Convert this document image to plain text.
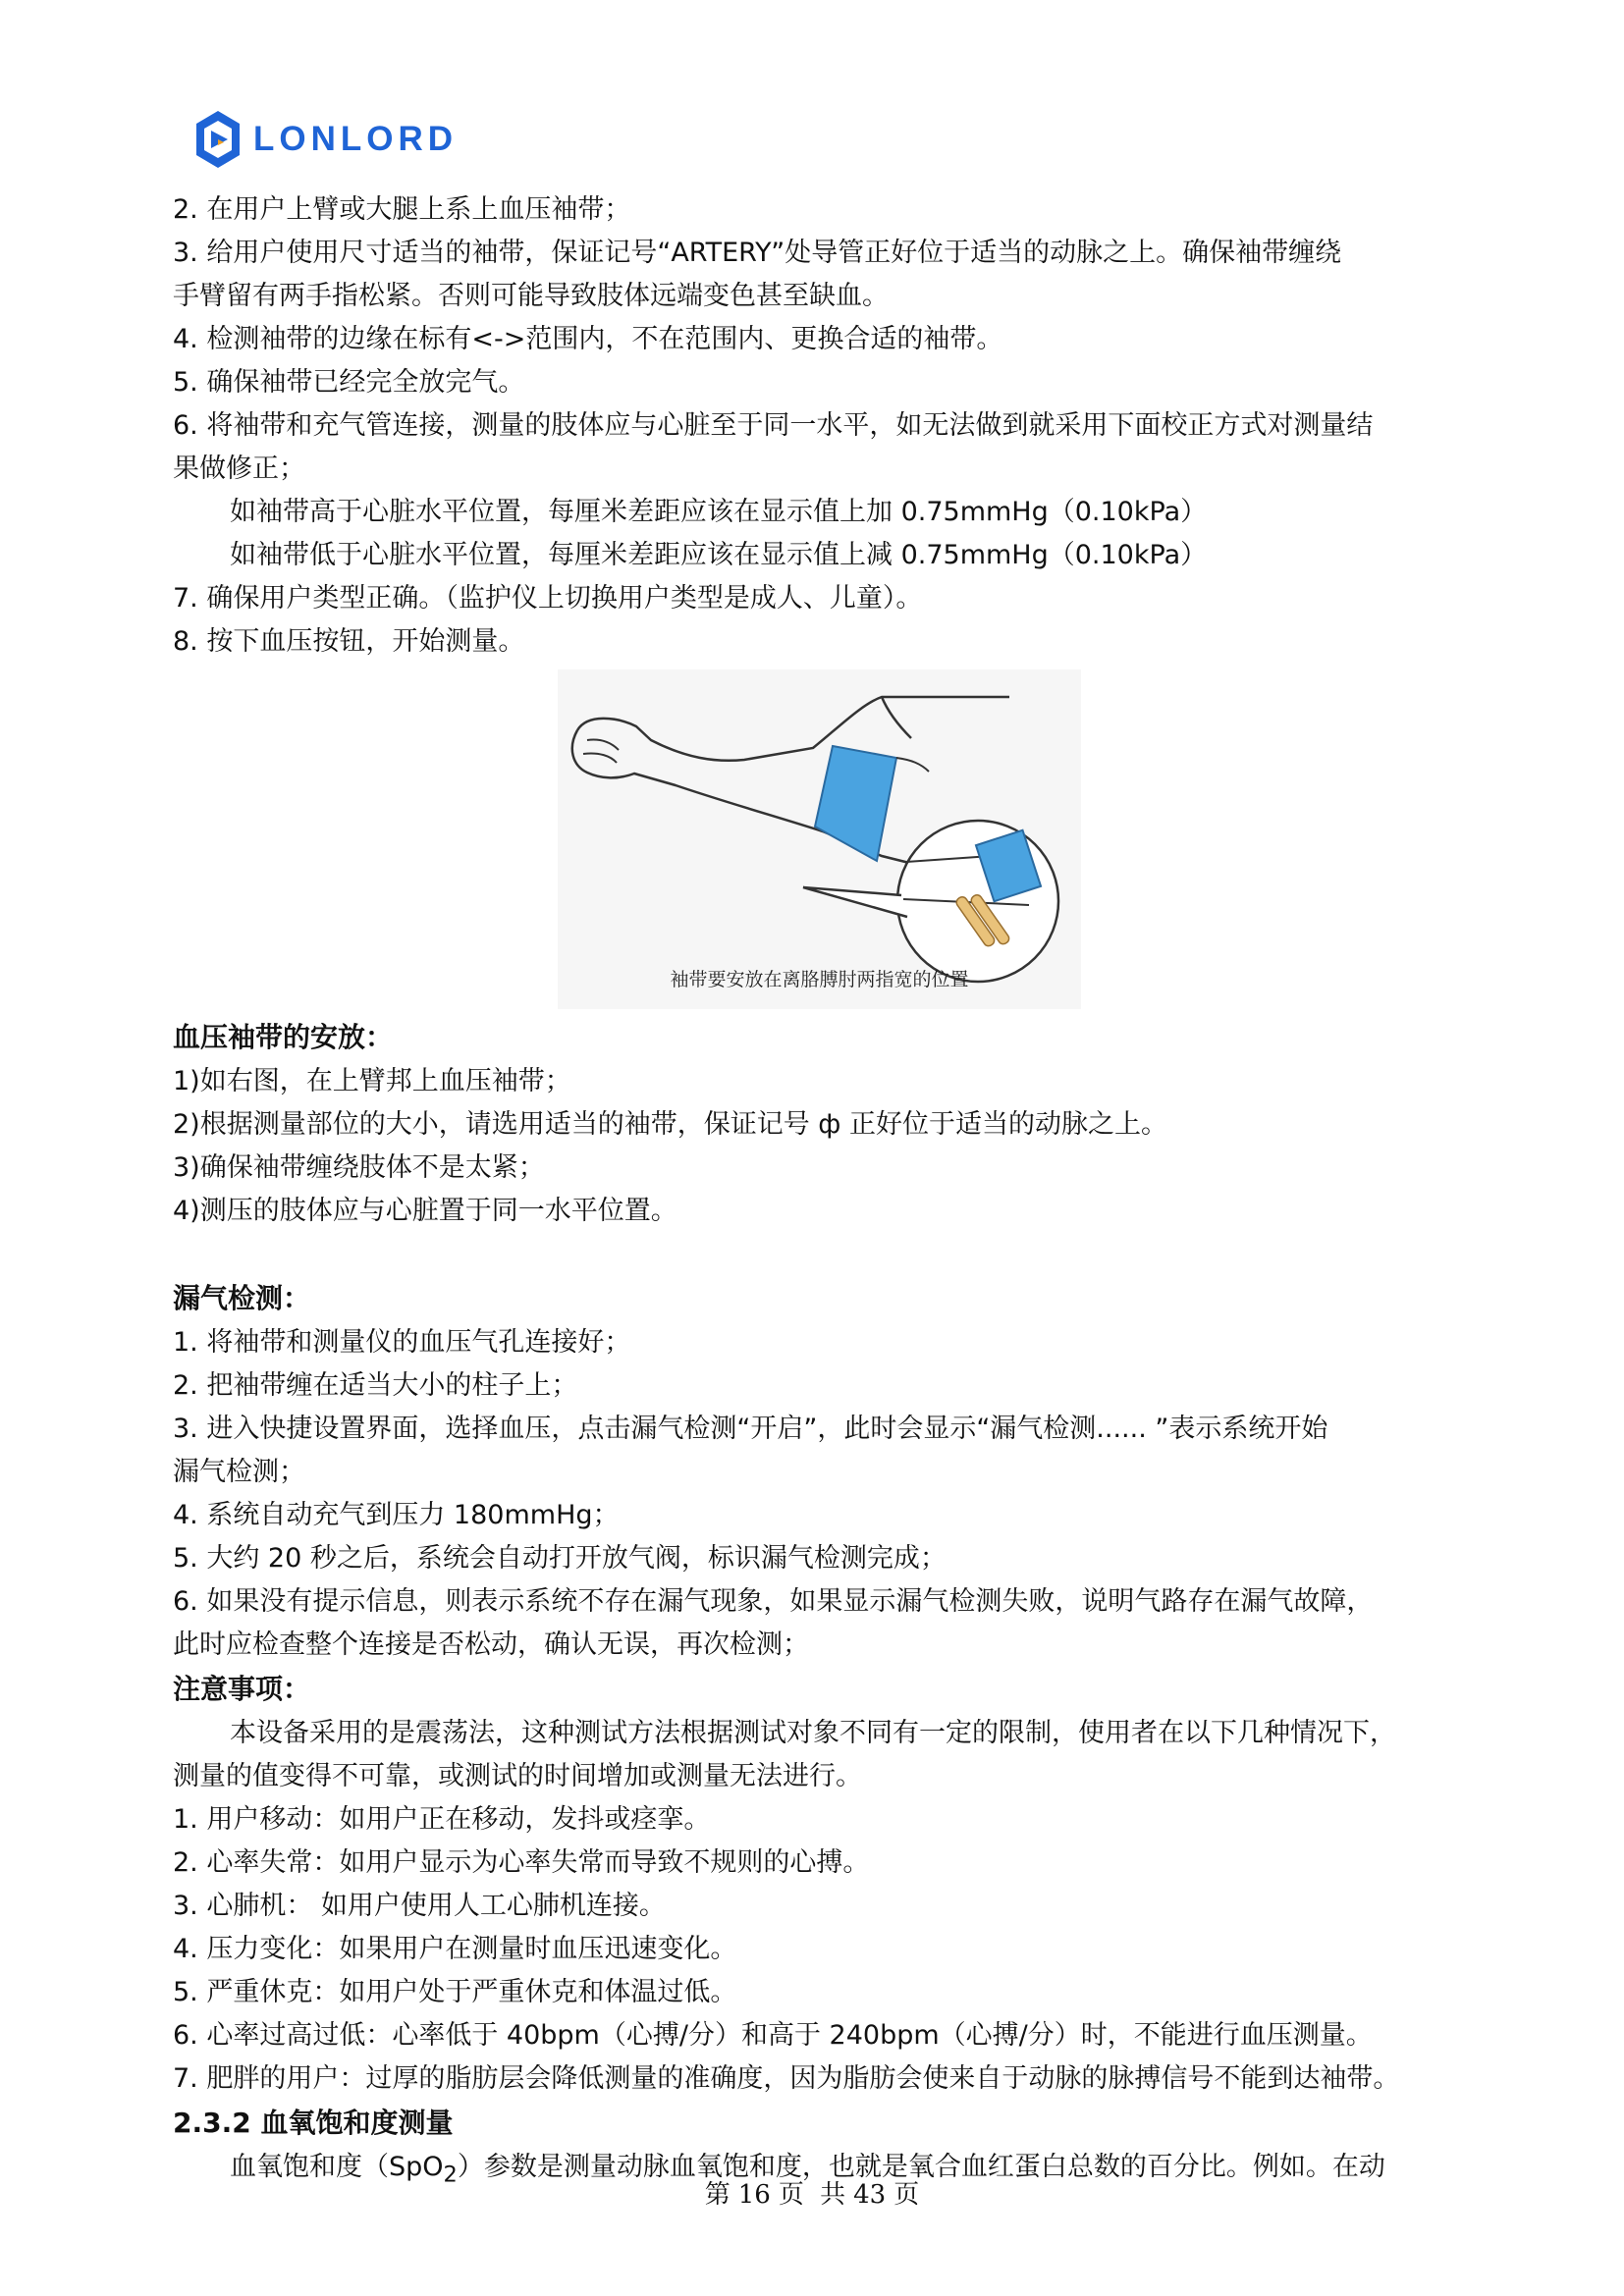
LONLORD
2. 在用户上臂或大腿上系上血压袖带；
3. 给用户使用尺寸适当的袖带，保证记号“ARTERY”处导管正好位于适当的动脉之上。确保袖带缠绕
手臂留有两手指松紧。否则可能导致肢体远端变色甚至缺血。
4. 检测袖带的边缘在标有<->范围内，不在范围内、更换合适的袖带。
5. 确保袖带已经完全放完气。
6. 将袖带和充气管连接，测量的肢体应与心脏至于同一水平，如无法做到就采用下面校正方式对测量结
果做修正；
如袖带高于心脏水平位置，每厘米差距应该在显示值上加 0.75mmHg（0.10kPa）
如袖带低于心脏水平位置，每厘米差距应该在显示值上减 0.75mmHg（0.10kPa）
7. 确保用户类型正确。（监护仪上切换用户类型是成人、儿童）。
8. 按下血压按钮，开始测量。
袖带要安放在离胳膊肘两指宽的位置
血压袖带的安放：
1)如右图，在上臂邦上血压袖带；
2)根据测量部位的大小，请选用适当的袖带，保证记号 ф 正好位于适当的动脉之上。
3)确保袖带缠绕肢体不是太紧；
4)测压的肢体应与心脏置于同一水平位置。
漏气检测：
1. 将袖带和测量仪的血压气孔连接好；
2. 把袖带缠在适当大小的柱子上；
3. 进入快捷设置界面，选择血压，点击漏气检测“开启”，此时会显示“漏气检测...... ”表示系统开始
漏气检测；
4. 系统自动充气到压力 180mmHg；
5. 大约 20 秒之后，系统会自动打开放气阀，标识漏气检测完成；
6. 如果没有提示信息，则表示系统不存在漏气现象，如果显示漏气检测失败，说明气路存在漏气故障，
此时应检查整个连接是否松动，确认无误，再次检测；
注意事项：
本设备采用的是震荡法，这种测试方法根据测试对象不同有一定的限制，使用者在以下几种情况下，
测量的值变得不可靠，或测试的时间增加或测量无法进行。
1. 用户移动：如用户正在移动，发抖或痉挛。
2. 心率失常：如用户显示为心率失常而导致不规则的心搏。
3. 心肺机： 如用户使用人工心肺机连接。
4. 压力变化：如果用户在测量时血压迅速变化。
5. 严重休克：如用户处于严重休克和体温过低。
6. 心率过高过低：心率低于 40bpm（心搏/分）和高于 240bpm（心搏/分）时，不能进行血压测量。
7. 肥胖的用户：过厚的脂肪层会降低测量的准确度，因为脂肪会使来自于动脉的脉搏信号不能到达袖带。
2.3.2 血氧饱和度测量
血氧饱和度（SpO$_2$）参数是测量动脉血氧饱和度，也就是氧合血红蛋白总数的百分比。例如。在动
第 16 页 共 43 页
